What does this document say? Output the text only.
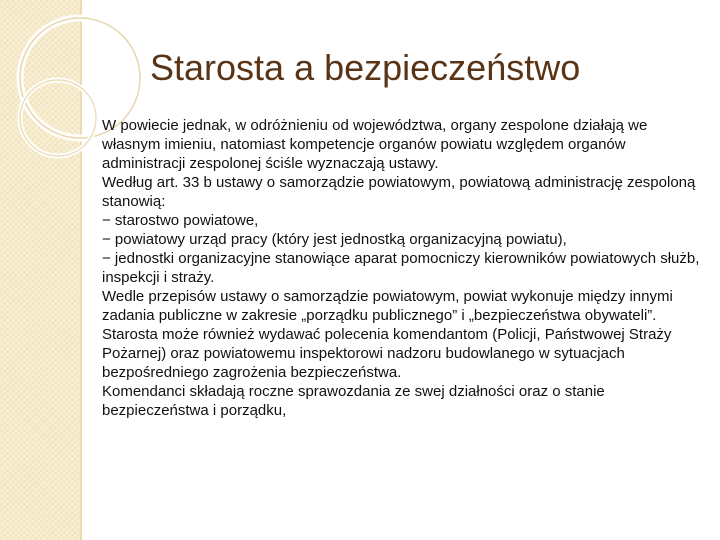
Starosta a bezpieczeństwo

W powiecie jednak, w odróżnieniu od województwa, organy zespolone działają we własnym imieniu, natomiast kompetencje organów powiatu względem organów administracji zespolonej ściśle wyznaczają ustawy.

Według art. 33 b ustawy o samorządzie powiatowym, powiatową administrację zespoloną stanowią:

− starostwo powiatowe,

− powiatowy urząd pracy (który jest jednostką organizacyjną powiatu),

− jednostki organizacyjne stanowiące aparat pomocniczy kierowników powiatowych służb, inspekcji i straży.

Wedle przepisów ustawy o samorządzie powiatowym, powiat wykonuje między innymi zadania publiczne w zakresie „porządku publicznego” i „bezpieczeństwa obywateli”.

Starosta może również wydawać polecenia komendantom (Policji, Państwowej Straży Pożarnej) oraz powiatowemu inspektorowi nadzoru budowlanego w sytuacjach bezpośredniego zagrożenia bezpieczeństwa.

Komendanci składają roczne sprawozdania ze swej działności oraz o stanie bezpieczeństwa i porządku,
